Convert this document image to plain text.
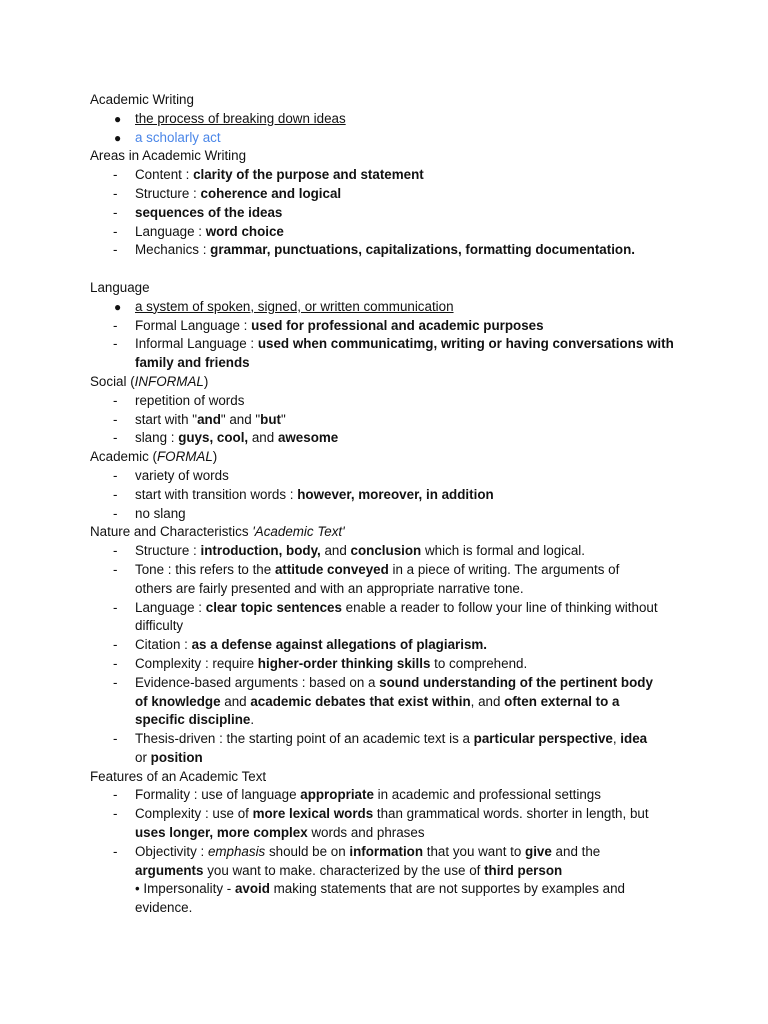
Academic Writing
● the process of breaking down ideas
● a scholarly act
Areas in Academic Writing
- Content : clarity of the purpose and statement
- Structure : coherence and logical
- sequences of the ideas
- Language : word choice
- Mechanics : grammar, punctuations, capitalizations, formatting documentation.
Language
● a system of spoken, signed, or written communication
- Formal Language : used for professional and academic purposes
- Informal Language : used when communicatimg, writing or having conversations with family and friends
Social (INFORMAL)
- repetition of words
- start with "and" and "but"
- slang : guys, cool, and awesome
Academic (FORMAL)
- variety of words
- start with transition words : however, moreover, in addition
- no slang
Nature and Characteristics 'Academic Text'
- Structure : introduction, body, and conclusion which is formal and logical.
- Tone : this refers to the attitude conveyed in a piece of writing. The arguments of
others are fairly presented and with an appropriate narrative tone.
- Language : clear topic sentences enable a reader to follow your line of thinking without
difficulty
- Citation : as a defense against allegations of plagiarism.
- Complexity : require higher-order thinking skills to comprehend.
- Evidence-based arguments : based on a sound understanding of the pertinent body
of knowledge and academic debates that exist within, and often external to a
specific discipline.
- Thesis-driven : the starting point of an academic text is a particular perspective, idea
or position
Features of an Academic Text
- Formality : use of language appropriate in academic and professional settings
- Complexity : use of more lexical words than grammatical words. shorter in length, but
uses longer, more complex words and phrases
- Objectivity : emphasis should be on information that you want to give and the
arguments you want to make. characterized by the use of third person
• Impersonality - avoid making statements that are not supportes by examples and
evidence.
